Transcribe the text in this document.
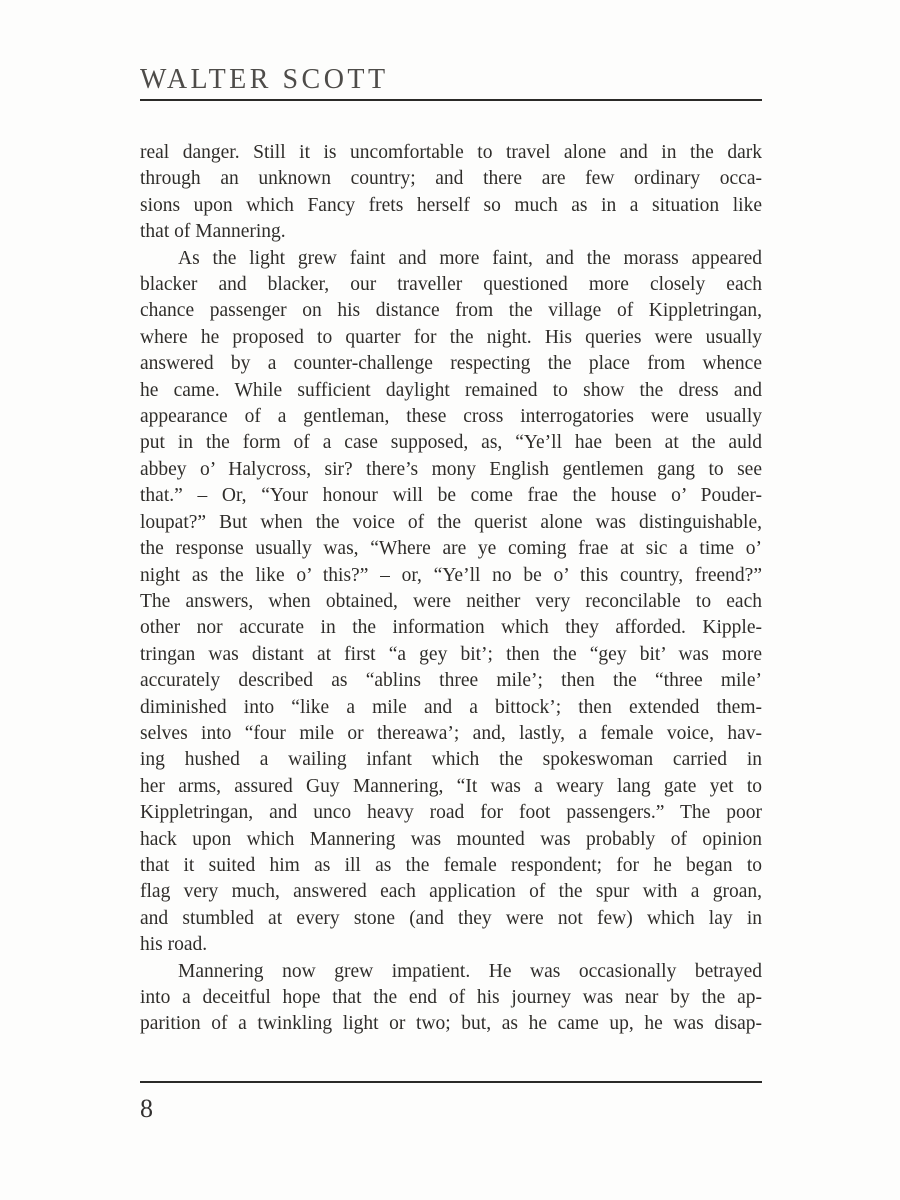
WALTER SCOTT
real danger. Still it is uncomfortable to travel alone and in the dark
through an unknown country; and there are few ordinary occa-
sions upon which Fancy frets herself so much as in a situation like
that of Mannering.
As the light grew faint and more faint, and the morass appeared
blacker and blacker, our traveller questioned more closely each
chance passenger on his distance from the village of Kippletringan,
where he proposed to quarter for the night. His queries were usually
answered by a counter-challenge respecting the place from whence
he came. While sufficient daylight remained to show the dress and
appearance of a gentleman, these cross interrogatories were usually
put in the form of a case supposed, as, “Ye’ll hae been at the auld
abbey o’ Halycross, sir? there’s mony English gentlemen gang to see
that.” – Or, “Your honour will be come frae the house o’ Pouder-
loupat?” But when the voice of the querist alone was distinguishable,
the response usually was, “Where are ye coming frae at sic a time o’
night as the like o’ this?” – or, “Ye’ll no be o’ this country, freend?”
The answers, when obtained, were neither very reconcilable to each
other nor accurate in the information which they afforded. Kipple-
tringan was distant at first “a gey bit’; then the “gey bit’ was more
accurately described as “ablins three mile’; then the “three mile’
diminished into “like a mile and a bittock’; then extended them-
selves into “four mile or thereawa’; and, lastly, a female voice, hav-
ing hushed a wailing infant which the spokeswoman carried in
her arms, assured Guy Mannering, “It was a weary lang gate yet to
Kippletringan, and unco heavy road for foot passengers.” The poor
hack upon which Mannering was mounted was probably of opinion
that it suited him as ill as the female respondent; for he began to
flag very much, answered each application of the spur with a groan,
and stumbled at every stone (and they were not few) which lay in
his road.
Mannering now grew impatient. He was occasionally betrayed
into a deceitful hope that the end of his journey was near by the ap-
parition of a twinkling light or two; but, as he came up, he was disap-
8
